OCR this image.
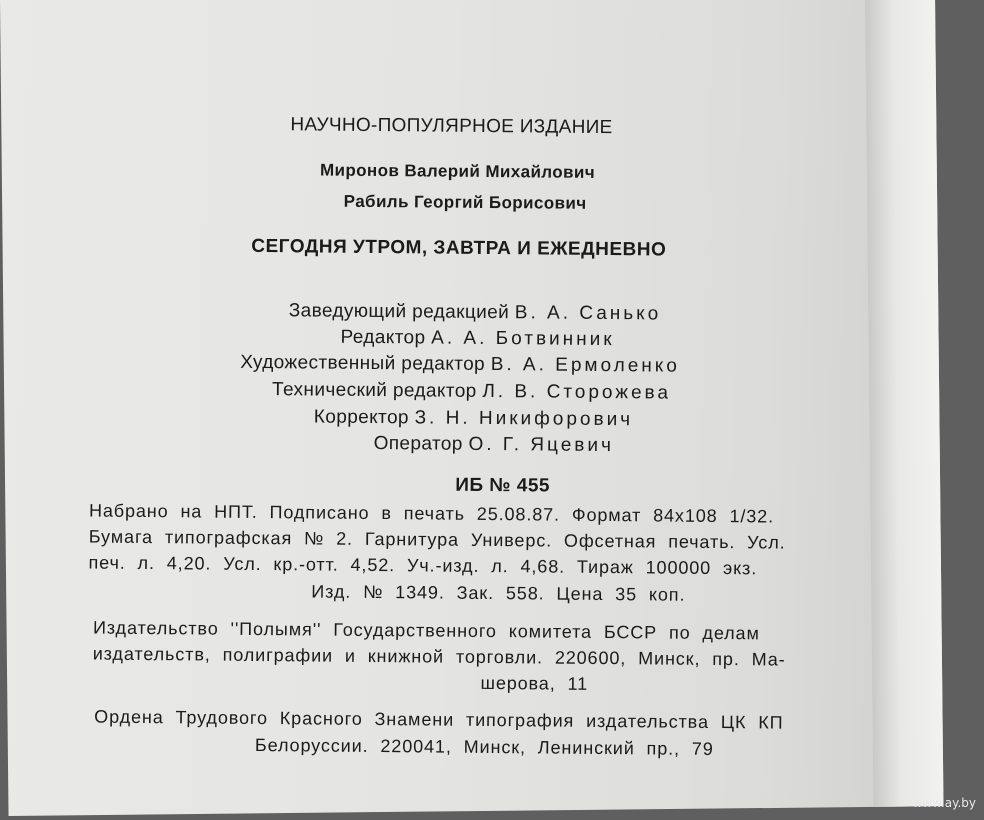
НАУЧНО-ПОПУЛЯРНОЕ ИЗДАНИЕ
Миронов Валерий Михайлович
Рабиль Георгий Борисович
СЕГОДНЯ УТРОМ, ЗАВТРА И ЕЖЕДНЕВНО
Заведующий редакцией В. А. Санько
Редактор А. А. Ботвинник
Художественный редактор В. А. Ермоленко
Технический редактор Л. В. Сторожева
Корректор З. Н. Никифорович
Оператор О. Г. Яцевич
ИБ № 455
Набрано на НПТ. Подписано в печать 25.08.87. Формат 84x108 1/32.
Бумага типографская № 2. Гарнитура Универс. Офсетная печать. Усл.
печ. л. 4,20. Усл. кр.-отт. 4,52. Уч.-изд. л. 4,68. Тираж 100000 экз.
Изд. № 1349. Зак. 558. Цена 35 коп.
Издательство ''Полымя'' Государственного комитета БССР по делам
издательств, полиграфии и книжной торговли. 220600, Минск, пр. Ма-
шерова, 11
Ордена Трудового Красного Знамени типография издательства ЦК КП
Белоруссии. 220041, Минск, Ленинский пр., 79
www.ay.by
